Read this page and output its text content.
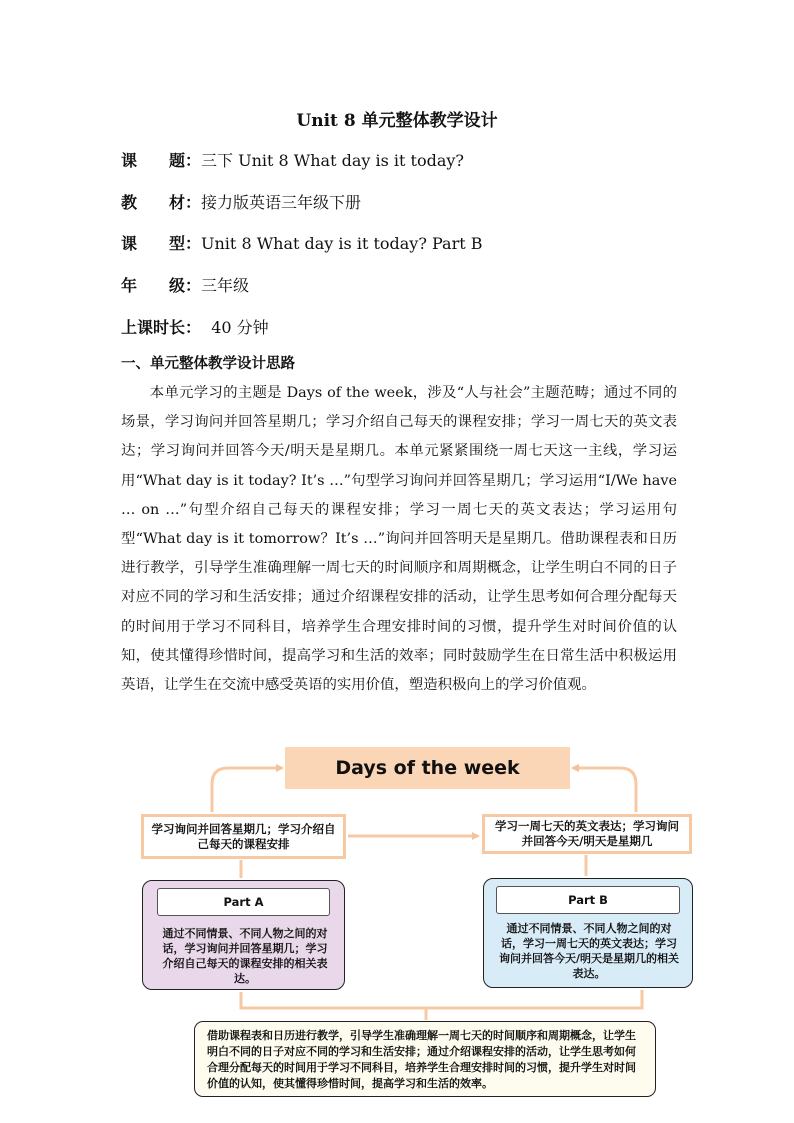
Unit 8 单元整体教学设计
课　　题：三下 Unit 8 What day is it today?
教　　材：接力版英语三年级下册
课　　型：Unit 8 What day is it today? Part B
年　　级：三年级
上课时长：  40 分钟
一、单元整体教学设计思路
本单元学习的主题是 Days of the week，涉及“人与社会”主题范畴；通过不同的场景，学习询问并回答星期几；学习介绍自己每天的课程安排；学习一周七天的英文表达；学习询问并回答今天/明天是星期几。本单元紧紧围绕一周七天这一主线，学习运用“What day is it today? It’s …”句型学习询问并回答星期几；学习运用“I/We have … on …”句型介绍自己每天的课程安排；学习一周七天的英文表达；学习运用句型“What day is it tomorrow？It’s …”询问并回答明天是星期几。借助课程表和日历进行教学，引导学生准确理解一周七天的时间顺序和周期概念，让学生明白不同的日子对应不同的学习和生活安排；通过介绍课程安排的活动，让学生思考如何合理分配每天的时间用于学习不同科目，培养学生合理安排时间的习惯，提升学生对时间价值的认知，使其懂得珍惜时间，提高学习和生活的效率；同时鼓励学生在日常生活中积极运用英语，让学生在交流中感受英语的实用价值，塑造积极向上的学习价值观。
Days of the week
学习询问并回答星期几；学习介绍自己每天的课程安排
学习一周七天的英文表达；学习询问并回答今天/明天是星期几
Part A
通过不同情景、不同人物之间的对话，学习询问并回答星期几；学习介绍自己每天的课程安排的相关表达。
Part B
通过不同情景、不同人物之间的对话，学习一周七天的英文表达；学习询问并回答今天/明天是星期几的相关表达。
借助课程表和日历进行教学，引导学生准确理解一周七天的时间顺序和周期概念，让学生明白不同的日子对应不同的学习和生活安排；通过介绍课程安排的活动，让学生思考如何合理分配每天的时间用于学习不同科目，培养学生合理安排时间的习惯，提升学生对时间价值的认知，使其懂得珍惜时间，提高学习和生活的效率。
